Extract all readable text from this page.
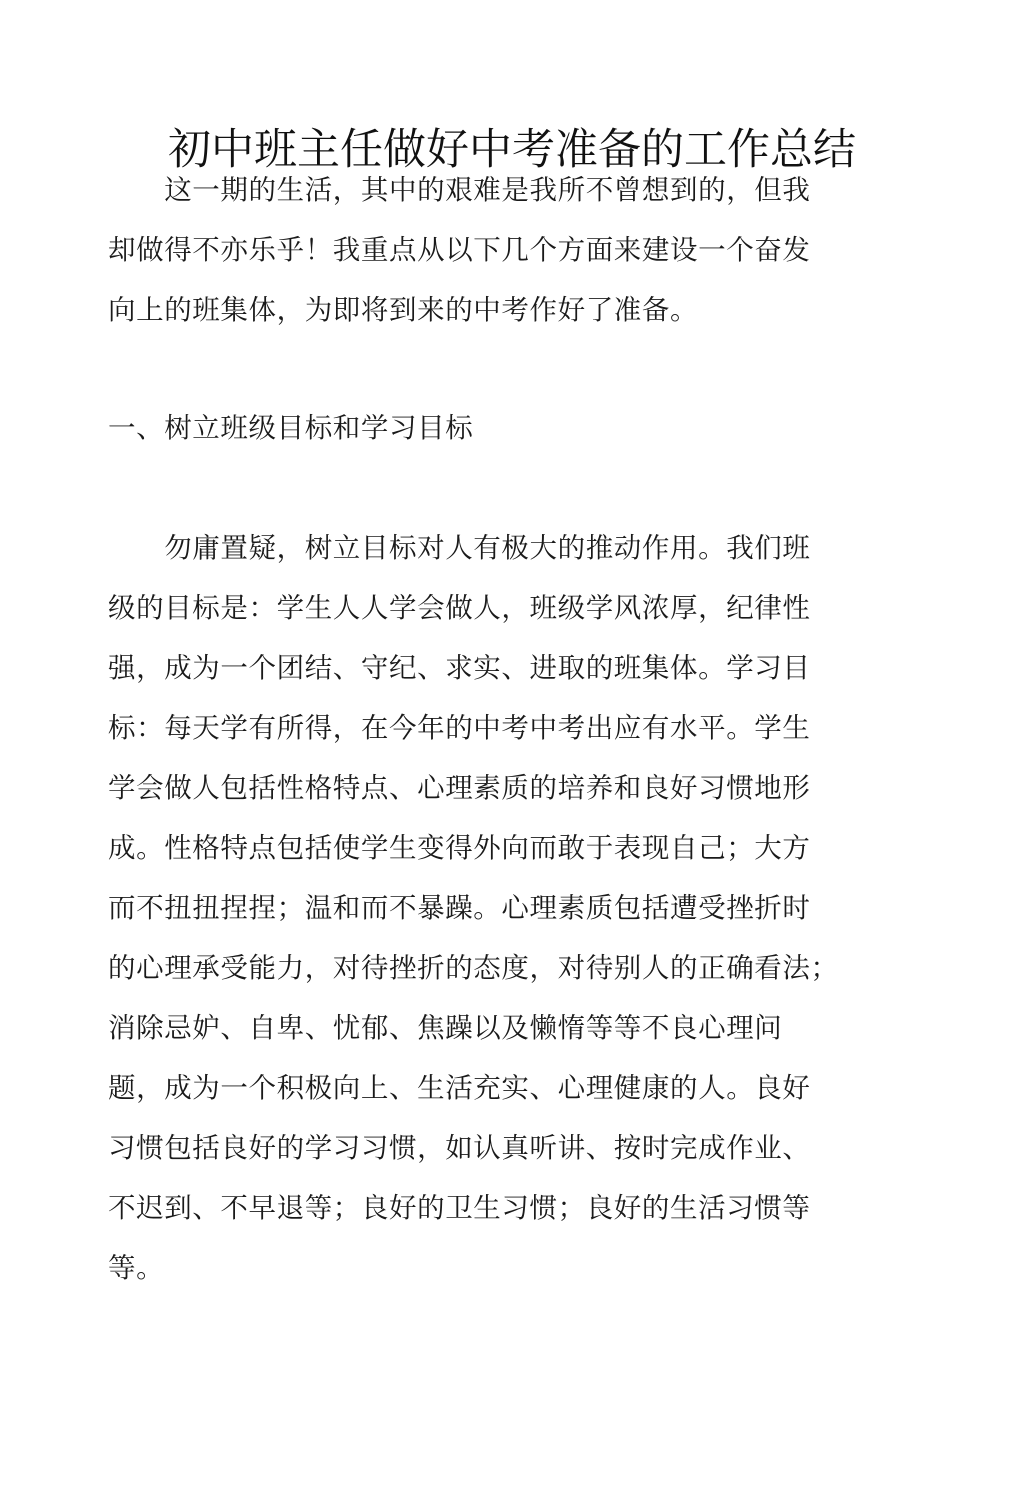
初中班主任做好中考准备的工作总结
　　这一期的生活，其中的艰难是我所不曾想到的，但我
却做得不亦乐乎！我重点从以下几个方面来建设一个奋发
向上的班集体，为即将到来的中考作好了准备。
一、树立班级目标和学习目标
　　勿庸置疑，树立目标对人有极大的推动作用。我们班
级的目标是：学生人人学会做人，班级学风浓厚，纪律性
强，成为一个团结、守纪、求实、进取的班集体。学习目
标：每天学有所得，在今年的中考中考出应有水平。学生
学会做人包括性格特点、心理素质的培养和良好习惯地形
成。性格特点包括使学生变得外向而敢于表现自己；大方
而不扭扭捏捏；温和而不暴躁。心理素质包括遭受挫折时
的心理承受能力，对待挫折的态度，对待别人的正确看法；
消除忌妒、自卑、忧郁、焦躁以及懒惰等等不良心理问
题，成为一个积极向上、生活充实、心理健康的人。良好
习惯包括良好的学习习惯，如认真听讲、按时完成作业、
不迟到、不早退等；良好的卫生习惯；良好的生活习惯等
等。
